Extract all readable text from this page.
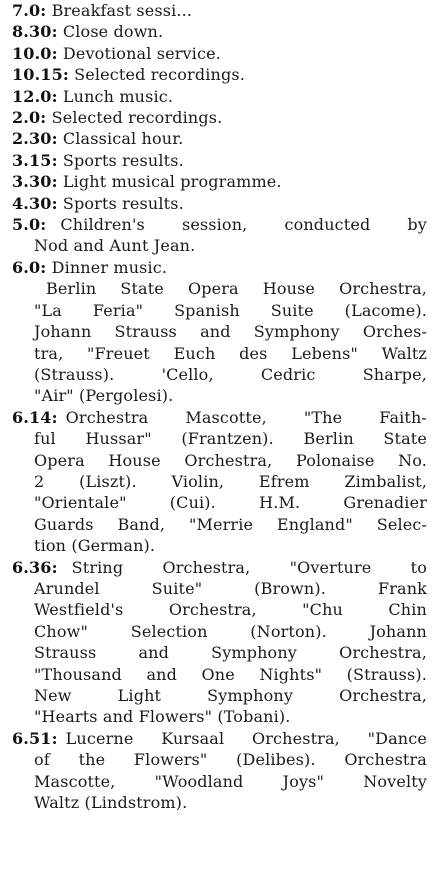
7.0: Breakfast sessi...
8.30: Close down.
10.0: Devotional service.
10.15: Selected recordings.
12.0: Lunch music.
2.0: Selected recordings.
2.30: Classical hour.
3.15: Sports results.
3.30: Light musical programme.
4.30: Sports results.
5.0: Children's session, conducted by
Nod and Aunt Jean.
6.0: Dinner music.
Berlin State Opera House Orchestra,
"La Feria" Spanish Suite (Lacome).
Johann Strauss and Symphony Orches-
tra, "Freuet Euch des Lebens" Waltz
(Strauss). 'Cello, Cedric Sharpe,
"Air" (Pergolesi).
6.14: Orchestra Mascotte, "The Faith-
ful Hussar" (Frantzen). Berlin State
Opera House Orchestra, Polonaise No.
2 (Liszt). Violin, Efrem Zimbalist,
"Orientale" (Cui). H.M. Grenadier
Guards Band, "Merrie England" Selec-
tion (German).
6.36: String Orchestra, "Overture to
Arundel Suite" (Brown). Frank
Westfield's Orchestra, "Chu Chin
Chow" Selection (Norton). Johann
Strauss and Symphony Orchestra,
"Thousand and One Nights" (Strauss).
New Light Symphony Orchestra,
"Hearts and Flowers" (Tobani).
6.51: Lucerne Kursaal Orchestra, "Dance
of the Flowers" (Delibes). Orchestra
Mascotte, "Woodland Joys" Novelty
Waltz (Lindstrom).
